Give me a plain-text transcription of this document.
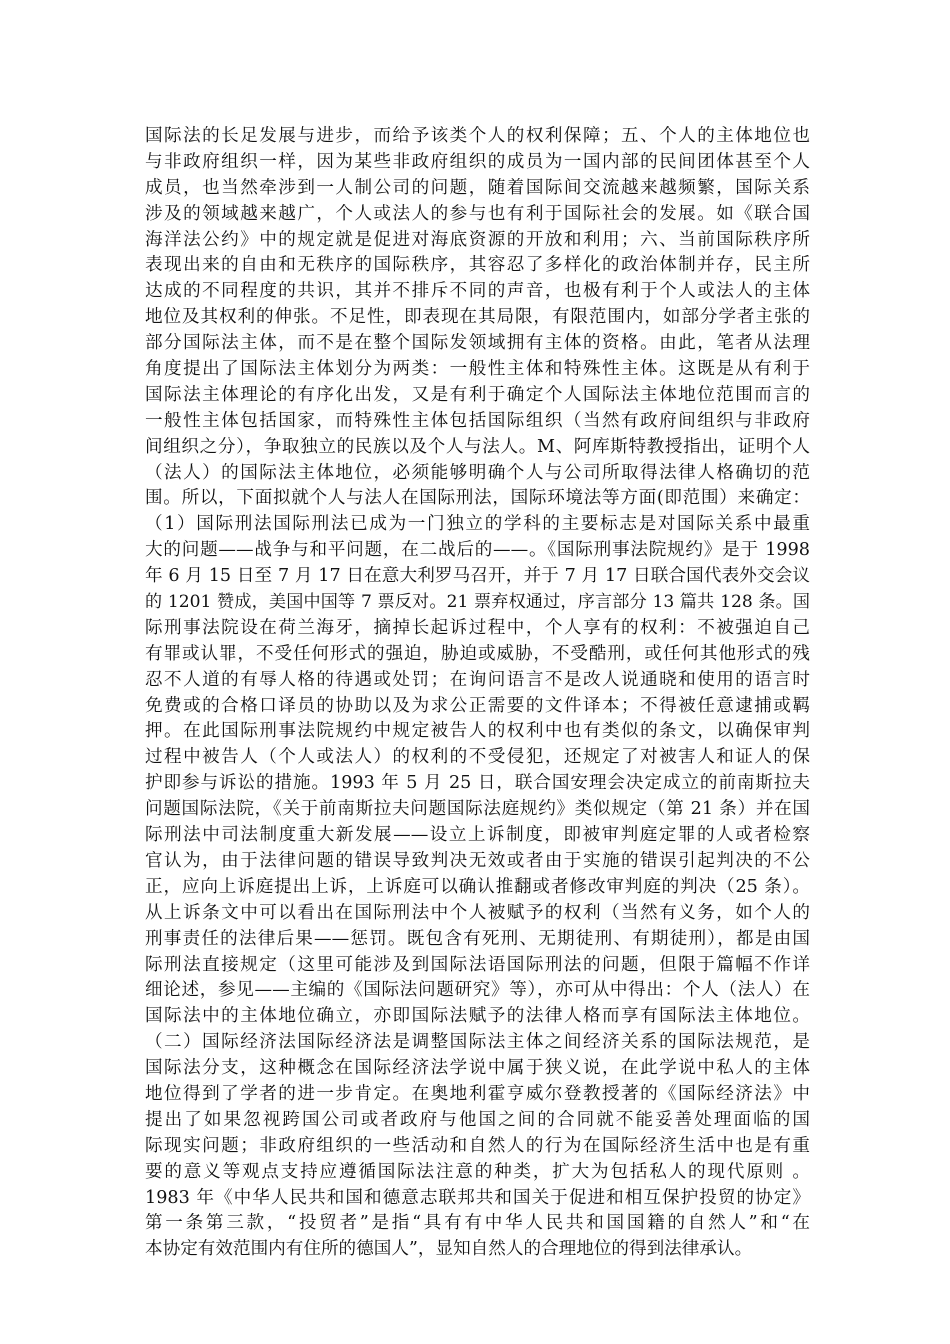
国际法的长足发展与进步，而给予该类个人的权利保障；五、个人的主体地位也
与非政府组织一样，因为某些非政府组织的成员为一国内部的民间团体甚至个人
成员，也当然牵涉到一人制公司的问题，随着国际间交流越来越频繁，国际关系
涉及的领域越来越广，个人或法人的参与也有利于国际社会的发展。如《联合国
海洋法公约》中的规定就是促进对海底资源的开放和利用；六、当前国际秩序所
表现出来的自由和无秩序的国际秩序，其容忍了多样化的政治体制并存，民主所
达成的不同程度的共识，其并不排斥不同的声音，也极有利于个人或法人的主体
地位及其权利的伸张。不足性，即表现在其局限，有限范围内，如部分学者主张的
部分国际法主体，而不是在整个国际发领域拥有主体的资格。由此，笔者从法理
角度提出了国际法主体划分为两类：一般性主体和特殊性主体。这既是从有利于
国际法主体理论的有序化出发，又是有利于确定个人国际法主体地位范围而言的
一般性主体包括国家，而特殊性主体包括国际组织（当然有政府间组织与非政府
间组织之分），争取独立的民族以及个人与法人。M、阿库斯特教授指出，证明个人
（法人）的国际法主体地位，必须能够明确个人与公司所取得法律人格确切的范
围。所以，下面拟就个人与法人在国际刑法，国际环境法等方面(即范围）来确定：
（1）国际刑法国际刑法已成为一门独立的学科的主要标志是对国际关系中最重
大的问题——战争与和平问题，在二战后的——。《国际刑事法院规约》是于 1998
年 6 月 15 日至 7 月 17 日在意大利罗马召开，并于 7 月 17 日联合国代表外交会议
的 1201 赞成，美国中国等 7 票反对。21 票弃权通过，序言部分 13 篇共 128 条。国
际刑事法院设在荷兰海牙，摘掉长起诉过程中，个人享有的权利：不被强迫自己
有罪或认罪，不受任何形式的强迫，胁迫或威胁，不受酷刑，或任何其他形式的残
忍不人道的有辱人格的待遇或处罚；在询问语言不是改人说通晓和使用的语言时
免费或的合格口译员的协助以及为求公正需要的文件译本；不得被任意逮捕或羁
押。在此国际刑事法院规约中规定被告人的权利中也有类似的条文，以确保审判
过程中被告人（个人或法人）的权利的不受侵犯，还规定了对被害人和证人的保
护即参与诉讼的措施。1993 年 5 月 25 日，联合国安理会决定成立的前南斯拉夫
问题国际法院，《关于前南斯拉夫问题国际法庭规约》类似规定（第 21 条）并在国
际刑法中司法制度重大新发展——设立上诉制度，即被审判庭定罪的人或者检察
官认为，由于法律问题的错误导致判决无效或者由于实施的错误引起判决的不公
正，应向上诉庭提出上诉，上诉庭可以确认推翻或者修改审判庭的判决（25 条）。
从上诉条文中可以看出在国际刑法中个人被赋予的权利（当然有义务，如个人的
刑事责任的法律后果——惩罚。既包含有死刑、无期徒刑、有期徒刑），都是由国
际刑法直接规定（这里可能涉及到国际法语国际刑法的问题，但限于篇幅不作详
细论述，参见——主编的《国际法问题研究》等），亦可从中得出：个人（法人）在
国际法中的主体地位确立，亦即国际法赋予的法律人格而享有国际法主体地位。
（二）国际经济法国际经济法是调整国际法主体之间经济关系的国际法规范，是
国际法分支，这种概念在国际经济法学说中属于狭义说，在此学说中私人的主体
地位得到了学者的进一步肯定。在奥地利霍亨威尔登教授著的《国际经济法》中
提出了如果忽视跨国公司或者政府与他国之间的合同就不能妥善处理面临的国
际现实问题；非政府组织的一些活动和自然人的行为在国际经济生活中也是有重
要的意义等观点支持应遵循国际法注意的种类，扩大为包括私人的现代原则 。
1983 年《中华人民共和国和德意志联邦共和国关于促进和相互保护投贸的协定》
第一条第三款，“投贸者”是指“具有有中华人民共和国国籍的自然人”和“在
本协定有效范围内有住所的德国人”，显知自然人的合理地位的得到法律承认。
